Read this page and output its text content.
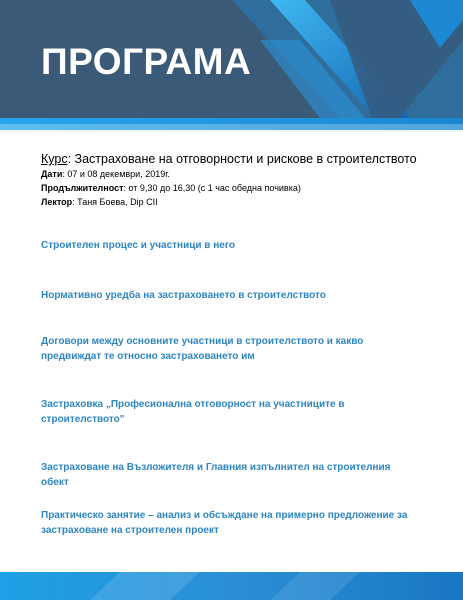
ПРОГРАМА
Курс: Застраховане на отговорности и рискове в строителството
Дати: 07 и 08 декември, 2019г.
Продължителност: от 9,30 до 16,30 (с 1 час обедна почивка)
Лектор: Таня Боева, Dip CII
Строителен процес и участници в него
Нормативно уредба на застраховането в строителството
Договори между основните участници в строителството и какво предвиждат те относно застраховането им
Застраховка „Професионална отговорност на участниците в строителството"
Застраховане на Възложителя и Главния изпълнител на строителния обект
Практическо занятие – анализ и обсъждане на примерно предложение за застраховане на строителен проект
